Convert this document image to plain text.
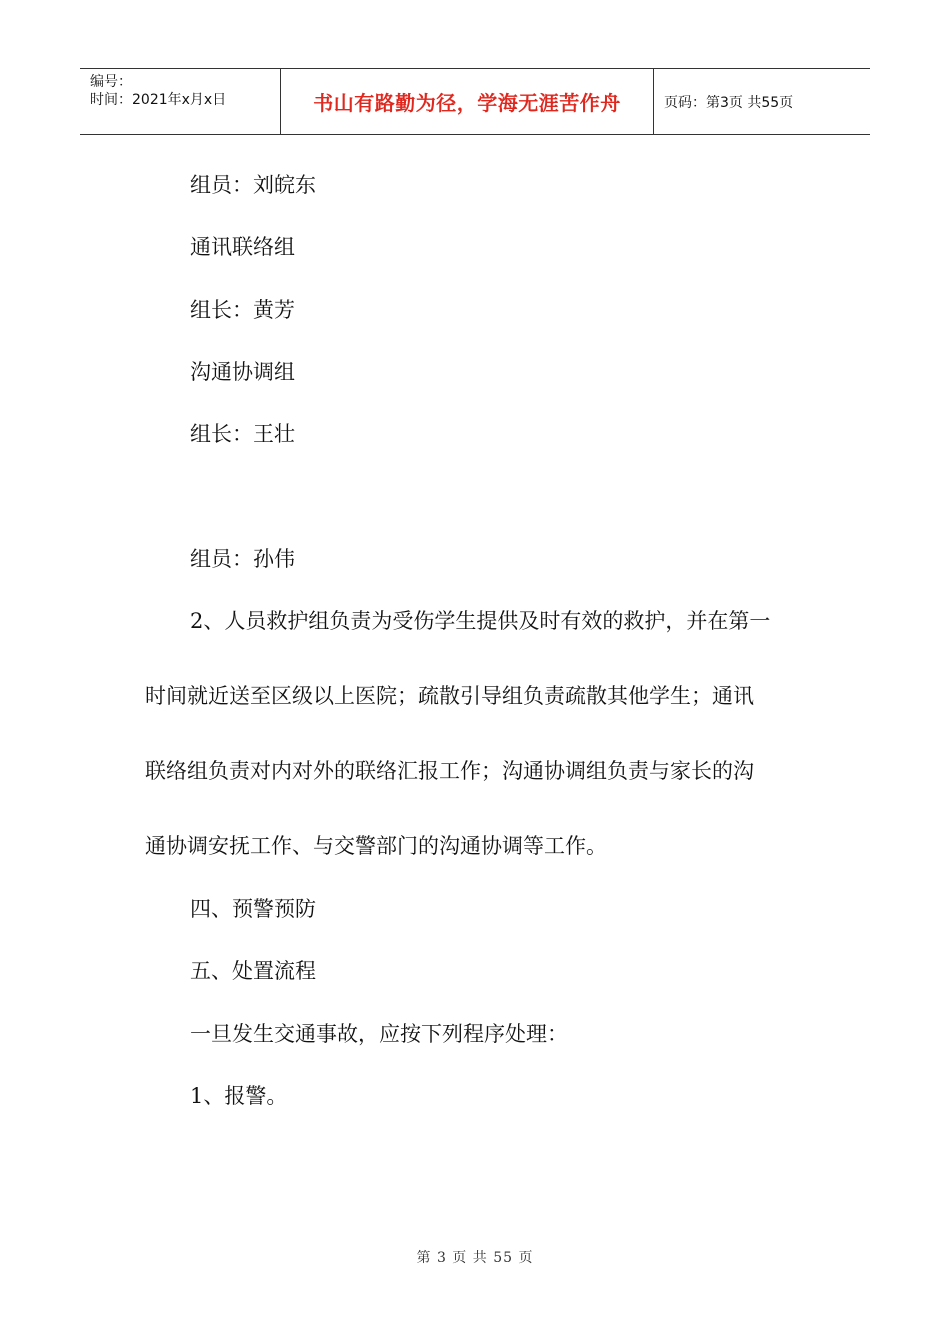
编号：
时间：2021年x月x日	书山有路勤为径，学海无涯苦作舟	页码：第3页 共55页
组员：刘皖东
通讯联络组
组长：黄芳
沟通协调组
组长：王壮
组员：孙伟
2、人员救护组负责为受伤学生提供及时有效的救护，并在第一
时间就近送至区级以上医院；疏散引导组负责疏散其他学生；通讯
联络组负责对内对外的联络汇报工作；沟通协调组负责与家长的沟
通协调安抚工作、与交警部门的沟通协调等工作。
四、预警预防
五、处置流程
一旦发生交通事故，应按下列程序处理：
1、报警。
第 3 页 共 55 页
